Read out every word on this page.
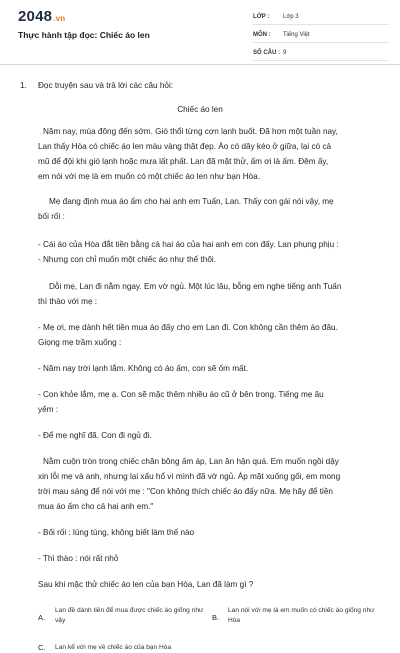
2048.vn
Thực hành tập đọc: Chiếc áo len
LỚP :	Lớp 3
MÔN :	Tiếng Việt
SỐ CÂU : 9
1. Đọc truyện sau và trả lời các câu hỏi:
Chiếc áo len
Năm nay, mùa đông đến sớm. Gió thổi từng cơn lạnh buốt. Đã hơn một tuần nay,
Lan thấy Hòa có chiếc áo len màu vàng thật đẹp. Áo có dây kéo ở giữa, lại có cả
mũ để đội khi gió lạnh hoặc mưa lất phất. Lan đã mặt thử, ấm ơi là ấm. Đêm ấy,
em nói với mẹ là em muốn có một chiếc áo len như bạn Hòa.
Mẹ đang định mua áo ấm cho hai anh em Tuấn, Lan. Thấy con gái nói vậy, mẹ
bối rối :
- Cái áo của Hòa đắt tiền bằng cả hai áo của hai anh em con đấy. Lan phụng phịu :
- Nhưng con chỉ muốn một chiếc áo như thế thôi.
Dỗi mẹ, Lan đi nằm ngay. Em vờ ngủ. Một lúc lâu, bỗng em nghe tiếng anh Tuấn
thì thào với mẹ :
- Mẹ ơi, mẹ dành hết tiền mua áo đấy cho em Lan đi. Con không cần thêm áo đâu.
Giọng mẹ trầm xuống :
- Năm nay trời lạnh lắm. Không có áo ấm, con sẽ ốm mất.
- Con khỏe lắm, mẹ ạ. Con sẽ mặc thêm nhiều áo cũ ở bên trong. Tiếng mẹ âu
yếm :
- Để mẹ nghĩ đã. Con đi ngủ đi.
Nằm cuộn tròn trong chiếc chăn bông ấm áp, Lan ân hận quá. Em muốn ngồi dậy
xin lỗi mẹ và anh, nhưng lại xấu hổ vì mình đã vờ ngủ. Áp mặt xuống gối, em mong
trời mau sáng để nói với mẹ : "Con không thích chiếc áo đấy nữa. Mẹ hãy để tiền
mua áo ấm cho cả hai anh em."
- Bối rối : lúng túng, không biết làm thế nào
- Thì thào : nói rất nhỏ
Sau khi mặc thử chiếc áo len của bạn Hòa, Lan đã làm gì ?
A.
Lan đề dành tiền để mua được chiếc áo giống như vậy	B.
Lan nói với mẹ là em muốn có chiếc áo giống như Hòa
C. Lan kể với mẹ về chiếc áo của bạn Hòa
